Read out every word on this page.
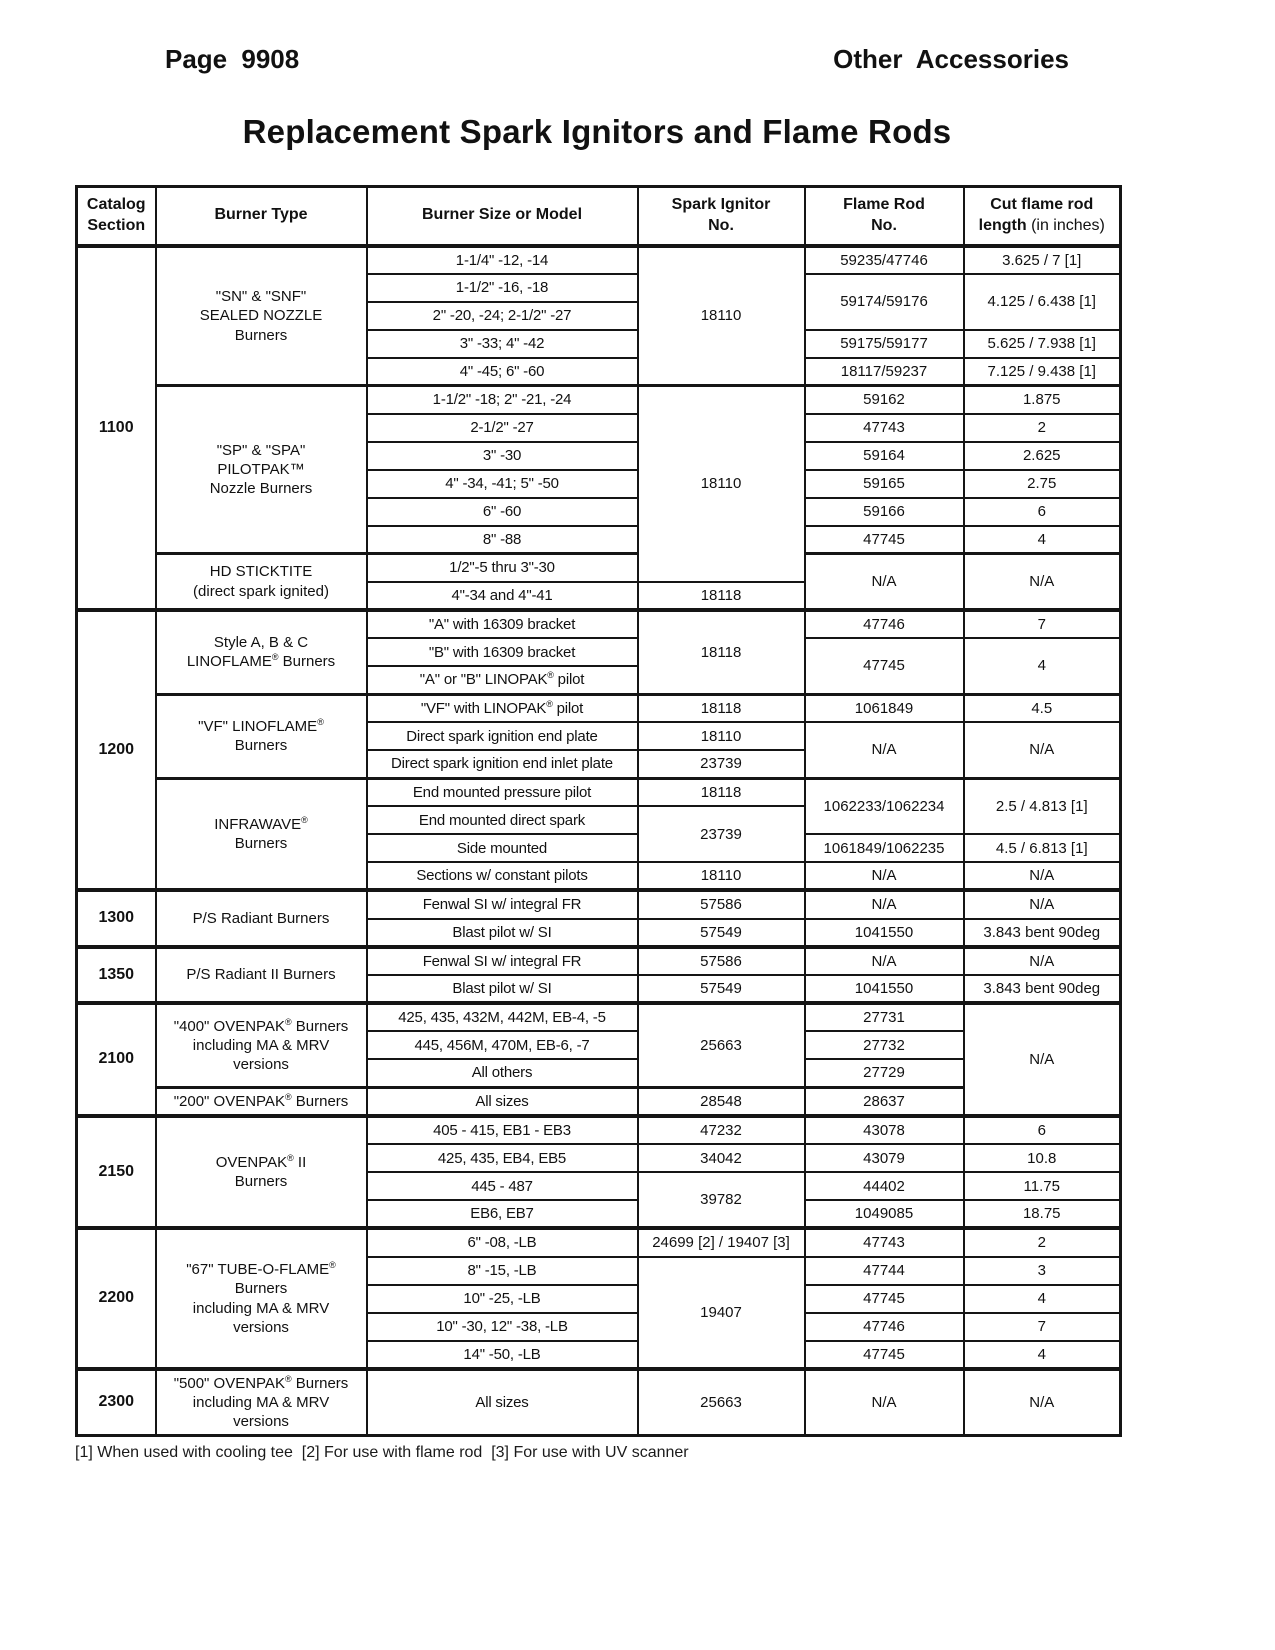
Page 9908	Other Accessories
Replacement Spark Ignitors and Flame Rods
Catalog
Section	Burner Type	Burner Size or Model	Spark Ignitor
No.	Flame Rod
No.	Cut flame rod
length (in inches)
1100	"SN" & "SNF"
SEALED NOZZLE
Burners	1-1/4" -12, -14	18110	59235/47746	3.625 / 7 [1]
		1-1/2" -16, -18		59174/59176	4.125 / 6.438 [1]
		2" -20, -24; 2-1/2" -27			
		3" -33; 4" -42		59175/59177	5.625 / 7.938 [1]
		4" -45; 6" -60		18117/59237	7.125 / 9.438 [1]
	"SP" & "SPA"
PILOTPAK™
Nozzle Burners	1-1/2" -18; 2" -21, -24	18110	59162	1.875
		2-1/2" -27		47743	2
		3" -30		59164	2.625
		4" -34, -41; 5" -50		59165	2.75
		6" -60		59166	6
		8" -88		47745	4
	HD STICKTITE
(direct spark ignited)	1/2"-5 thru 3"-30		N/A	N/A
		4"-34 and 4"-41	18118		
1200	Style A, B & C
LINOFLAME® Burners	"A" with 16309 bracket	18118	47746	7
		"B" with 16309 bracket		47745	4
		"A" or "B" LINOPAK® pilot			
	"VF" LINOFLAME®
Burners	"VF" with LINOPAK® pilot	18118	1061849	4.5
		Direct spark ignition end plate	18110	N/A	N/A
		Direct spark ignition end inlet plate	23739		
	INFRAWAVE®
Burners	End mounted pressure pilot	18118	1062233/1062234	2.5 / 4.813 [1]
		End mounted direct spark	23739		
		Side mounted		1061849/1062235	4.5 / 6.813 [1]
		Sections w/ constant pilots	18110	N/A	N/A
1300	P/S Radiant Burners	Fenwal SI w/ integral FR	57586	N/A	N/A
		Blast pilot w/ SI	57549	1041550	3.843 bent 90deg
1350	P/S Radiant II Burners	Fenwal SI w/ integral FR	57586	N/A	N/A
		Blast pilot w/ SI	57549	1041550	3.843 bent 90deg
2100	"400" OVENPAK® Burners
including MA & MRV
versions	425, 435, 432M, 442M, EB-4, -5	25663	27731	N/A
		445, 456M, 470M, EB-6, -7		27732	
		All others		27729	
	"200" OVENPAK® Burners	All sizes	28548	28637	
2150	OVENPAK® II
Burners	405 - 415, EB1 - EB3	47232	43078	6
		425, 435, EB4, EB5	34042	43079	10.8
		445 - 487	39782	44402	11.75
		EB6, EB7		1049085	18.75
2200	"67" TUBE-O-FLAME®
Burners
including MA & MRV
versions	6" -08, -LB	24699 [2] / 19407 [3]	47743	2
		8" -15, -LB	19407	47744	3
		10" -25, -LB		47745	4
		10" -30, 12" -38, -LB		47746	7
		14" -50, -LB		47745	4
2300	"500" OVENPAK® Burners
including MA & MRV
versions	All sizes	25663	N/A	N/A
[1] When used with cooling tee  [2] For use with flame rod  [3] For use with UV scanner
